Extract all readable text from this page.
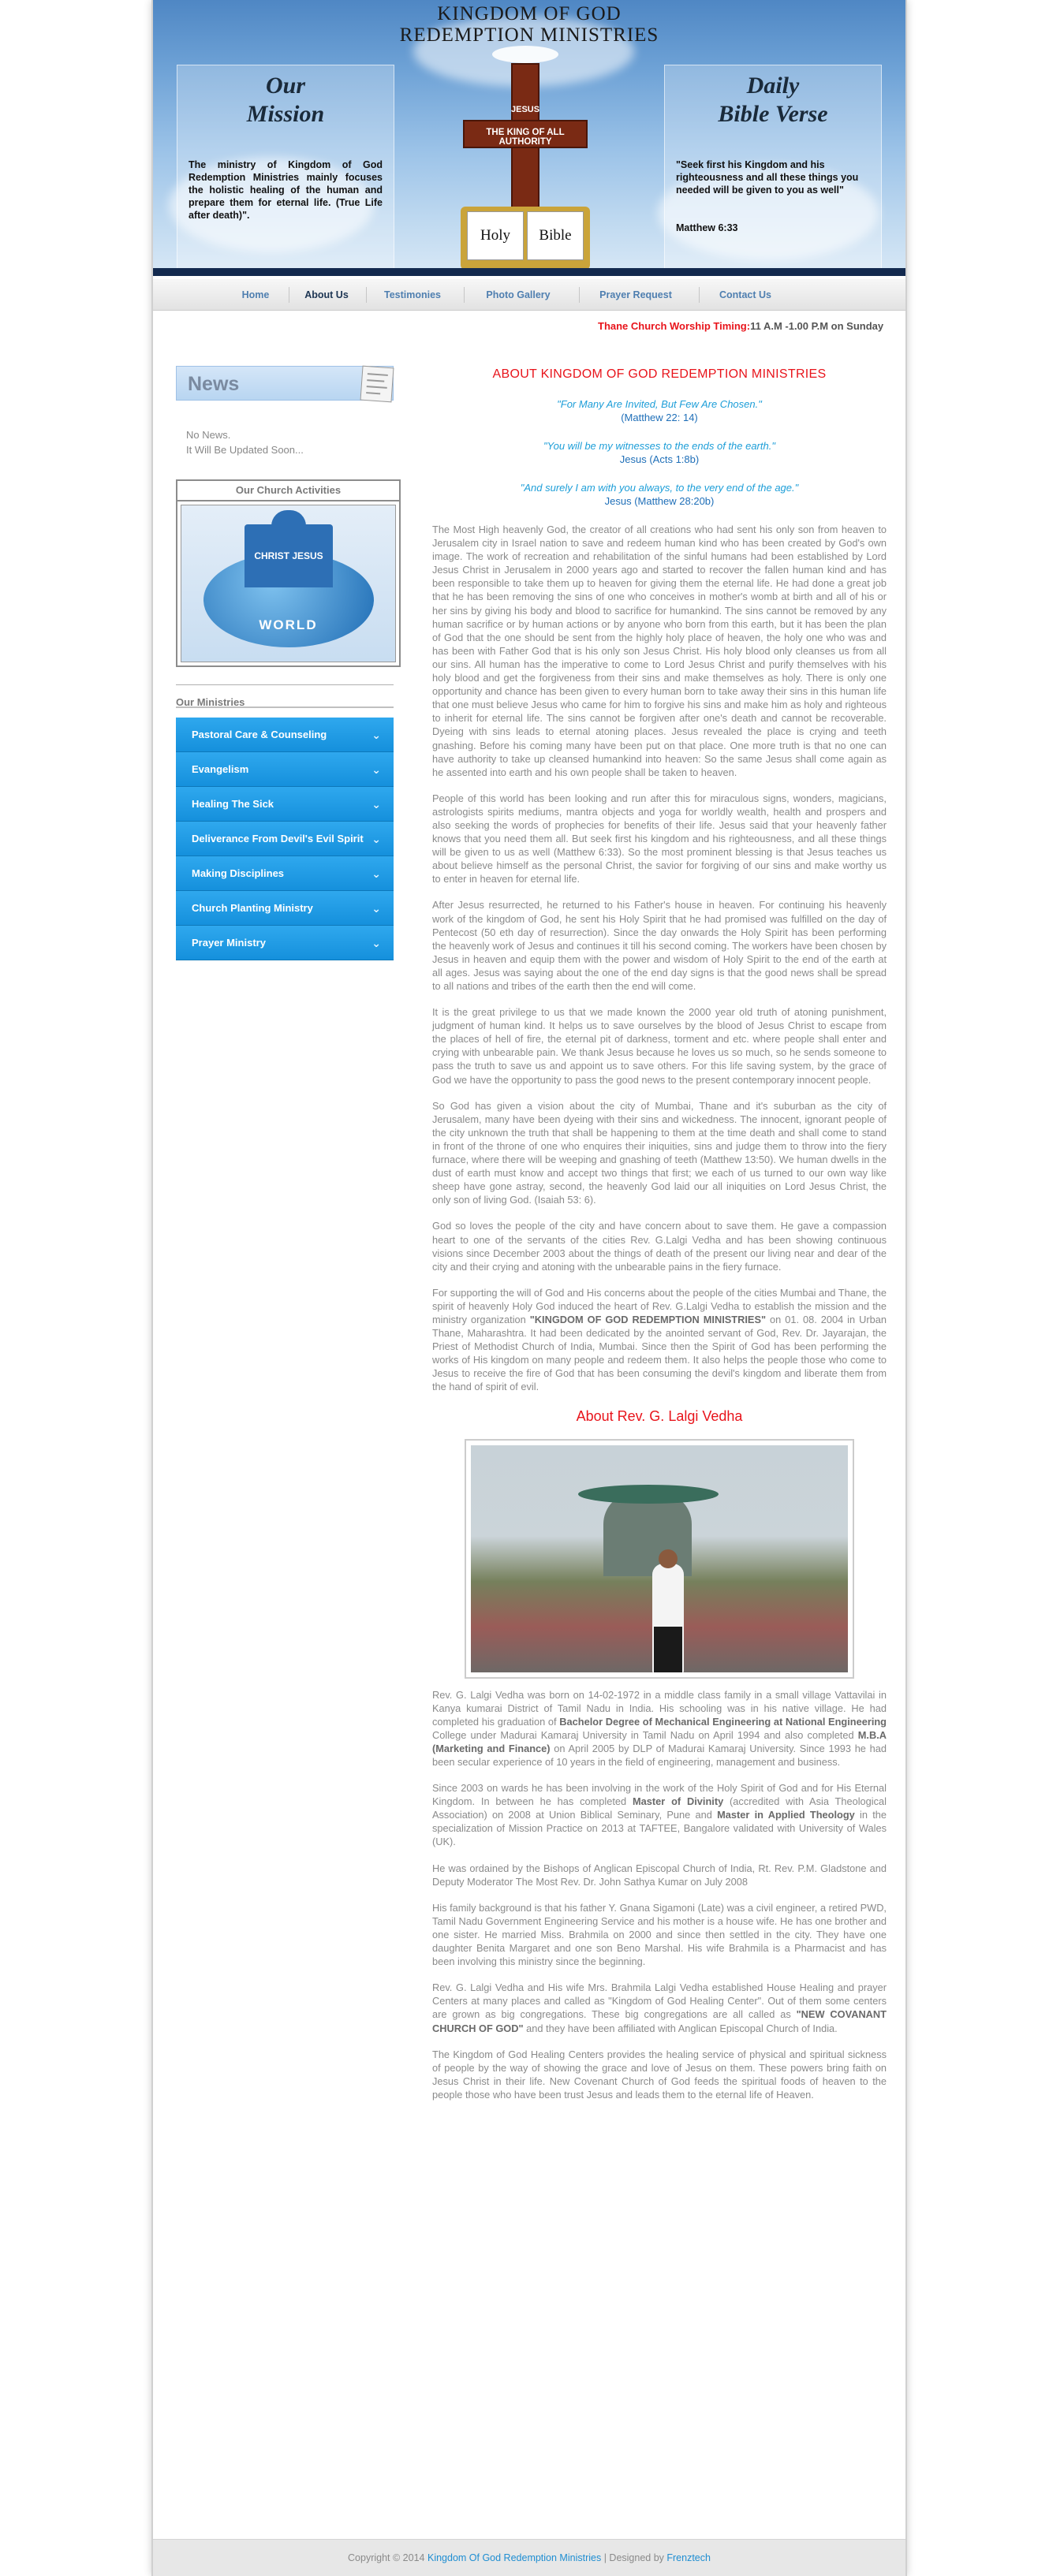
KINGDOM OF GOD
REDEMPTION MINISTRIES
Our
Mission
The ministry of Kingdom of God Redemption Ministries mainly focuses the holistic healing of the human and prepare them for eternal life. (True Life after death)".
JESUS
THE KING OF ALL AUTHORITY
Holy	Bible
Daily
Bible Verse
"Seek first his Kingdom and his righteousness and all these things you needed will be given to you as well"
Matthew 6:33
Home	About Us	Testimonies	Photo Gallery	Prayer Request	Contact Us
Thane Church Worship Timing:11 A.M -1.00 P.M on Sunday
News
No News.
It Will Be Updated Soon...
Our Church Activities
CHRIST JESUS
WORLD
Our Ministries
Pastoral Care & Counseling	⌄
Evangelism	⌄
Healing The Sick	⌄
Deliverance From Devil's Evil Spirit ⌄
Making Disciplines	⌄
Church Planting Ministry	⌄
Prayer Ministry	⌄
ABOUT KINGDOM OF GOD REDEMPTION MINISTRIES
"For Many Are Invited, But Few Are Chosen."
(Matthew 22: 14)
"You will be my witnesses to the ends of the earth."
Jesus (Acts 1:8b)
"And surely I am with you always, to the very end of the age."
Jesus (Matthew 28:20b)

The Most High heavenly God, the creator of all creations who had sent his only son from heaven to Jerusalem city in Israel nation to save and redeem human kind who has been created by God's own image. The work of recreation and rehabilitation of the sinful humans had been established by Lord Jesus Christ in Jerusalem in 2000 years ago and started to recover the fallen human kind and has been responsible to take them up to heaven for giving them the eternal life. He had done a great job that he has been removing the sins of one who conceives in mother's womb at birth and all of his or her sins by giving his body and blood to sacrifice for humankind. The sins cannot be removed by any human sacrifice or by human actions or by anyone who born from this earth, but it has been the plan of God that the one should be sent from the highly holy place of heaven, the holy one who was and has been with Father God that is his only son Jesus Christ. His holy blood only cleanses us from all our sins. All human has the imperative to come to Lord Jesus Christ and purify themselves with his holy blood and get the forgiveness from their sins and make themselves as holy. There is only one opportunity and chance has been given to every human born to take away their sins in this human life that one must believe Jesus who came for him to forgive his sins and make him as holy and righteous to inherit for eternal life. The sins cannot be forgiven after one's death and cannot be recoverable. Dyeing with sins leads to eternal atoning places. Jesus revealed the place is crying and teeth gnashing. Before his coming many have been put on that place. One more truth is that no one can have authority to take up cleansed humankind into heaven: So the same Jesus shall come again as he assented into earth and his own people shall be taken to heaven.

People of this world has been looking and run after this for miraculous signs, wonders, magicians, astrologists spirits mediums, mantra objects and yoga for worldly wealth, health and prospers and also seeking the words of prophecies for benefits of their life. Jesus said that your heavenly father knows that you need them all. But seek first his kingdom and his righteousness, and all these things will be given to us as well (Matthew 6:33). So the most prominent blessing is that Jesus teaches us about believe himself as the personal Christ, the savior for forgiving of our sins and make worthy us to enter in heaven for eternal life.

After Jesus resurrected, he returned to his Father's house in heaven. For continuing his heavenly work of the kingdom of God, he sent his Holy Spirit that he had promised was fulfilled on the day of Pentecost (50 eth day of resurrection). Since the day onwards the Holy Spirit has been performing the heavenly work of Jesus and continues it till his second coming. The workers have been chosen by Jesus in heaven and equip them with the power and wisdom of Holy Spirit to the end of the earth at all ages. Jesus was saying about the one of the end day signs is that the good news shall be spread to all nations and tribes of the earth then the end will come.

It is the great privilege to us that we made known the 2000 year old truth of atoning punishment, judgment of human kind. It helps us to save ourselves by the blood of Jesus Christ to escape from the places of hell of fire, the eternal pit of darkness, torment and etc. where people shall enter and crying with unbearable pain. We thank Jesus because he loves us so much, so he sends someone to pass the truth to save us and appoint us to save others. For this life saving system, by the grace of God we have the opportunity to pass the good news to the present contemporary innocent people.

So God has given a vision about the city of Mumbai, Thane and it's suburban as the city of Jerusalem, many have been dyeing with their sins and wickedness. The innocent, ignorant people of the city unknown the truth that shall be happening to them at the time death and shall come to stand in front of the throne of one who enquires their iniquities, sins and judge them to throw into the fiery furnace, where there will be weeping and gnashing of teeth (Matthew 13:50). We human dwells in the dust of earth must know and accept two things that first; we each of us turned to our own way like sheep have gone astray, second, the heavenly God laid our all iniquities on Lord Jesus Christ, the only son of living God. (Isaiah 53: 6).

God so loves the people of the city and have concern about to save them. He gave a compassion heart to one of the servants of the cities Rev. G.Lalgi Vedha and has been showing continuous visions since December 2003 about the things of death of the present our living near and dear of the city and their crying and atoning with the unbearable pains in the fiery furnace.

For supporting the will of God and His concerns about the people of the cities Mumbai and Thane, the spirit of heavenly Holy God induced the heart of Rev. G.Lalgi Vedha to establish the mission and the ministry organization "KINGDOM OF GOD REDEMPTION MINISTRIES" on 01. 08. 2004 in Urban Thane, Maharashtra. It had been dedicated by the anointed servant of God, Rev. Dr. Jayarajan, the Priest of Methodist Church of India, Mumbai. Since then the Spirit of God has been performing the works of His kingdom on many people and redeem them. It also helps the people those who come to Jesus to receive the fire of God that has been consuming the devil's kingdom and liberate them from the hand of spirit of evil.

About Rev. G. Lalgi Vedha

Rev. G. Lalgi Vedha was born on 14-02-1972 in a middle class family in a small village Vattavilai in Kanya kumarai District of Tamil Nadu in India. His schooling was in his native village. He had completed his graduation of Bachelor Degree of Mechanical Engineering at National Engineering College under Madurai Kamaraj University in Tamil Nadu on April 1994 and also completed M.B.A (Marketing and Finance) on April 2005 by DLP of Madurai Kamaraj University. Since 1993 he had been secular experience of 10 years in the field of engineering, management and business.

Since 2003 on wards he has been involving in the work of the Holy Spirit of God and for His Eternal Kingdom. In between he has completed Master of Divinity (accredited with Asia Theological Association) on 2008 at Union Biblical Seminary, Pune and Master in Applied Theology in the specialization of Mission Practice on 2013 at TAFTEE, Bangalore validated with University of Wales (UK).

He was ordained by the Bishops of Anglican Episcopal Church of India, Rt. Rev. P.M. Gladstone and Deputy Moderator The Most Rev. Dr. John Sathya Kumar on July 2008

His family background is that his father Y. Gnana Sigamoni (Late) was a civil engineer, a retired PWD, Tamil Nadu Government Engineering Service and his mother is a house wife. He has one brother and one sister. He married Miss. Brahmila on 2000 and since then settled in the city. They have one daughter Benita Margaret and one son Beno Marshal. His wife Brahmila is a Pharmacist and has been involving this ministry since the beginning.

Rev. G. Lalgi Vedha and His wife Mrs. Brahmila Lalgi Vedha established House Healing and prayer Centers at many places and called as "Kingdom of God Healing Center". Out of them some centers are grown as big congregations. These big congregations are all called as "NEW COVANANT CHURCH OF GOD" and they have been affiliated with Anglican Episcopal Church of India.

The Kingdom of God Healing Centers provides the healing service of physical and spiritual sickness of people by the way of showing the grace and love of Jesus on them. These powers bring faith on Jesus Christ in their life. New Covenant Church of God feeds the spiritual foods of heaven to the people those who have been trust Jesus and leads them to the eternal life of Heaven.

Copyright © 2014 Kingdom Of God Redemption Ministries | Designed by Frenztech
